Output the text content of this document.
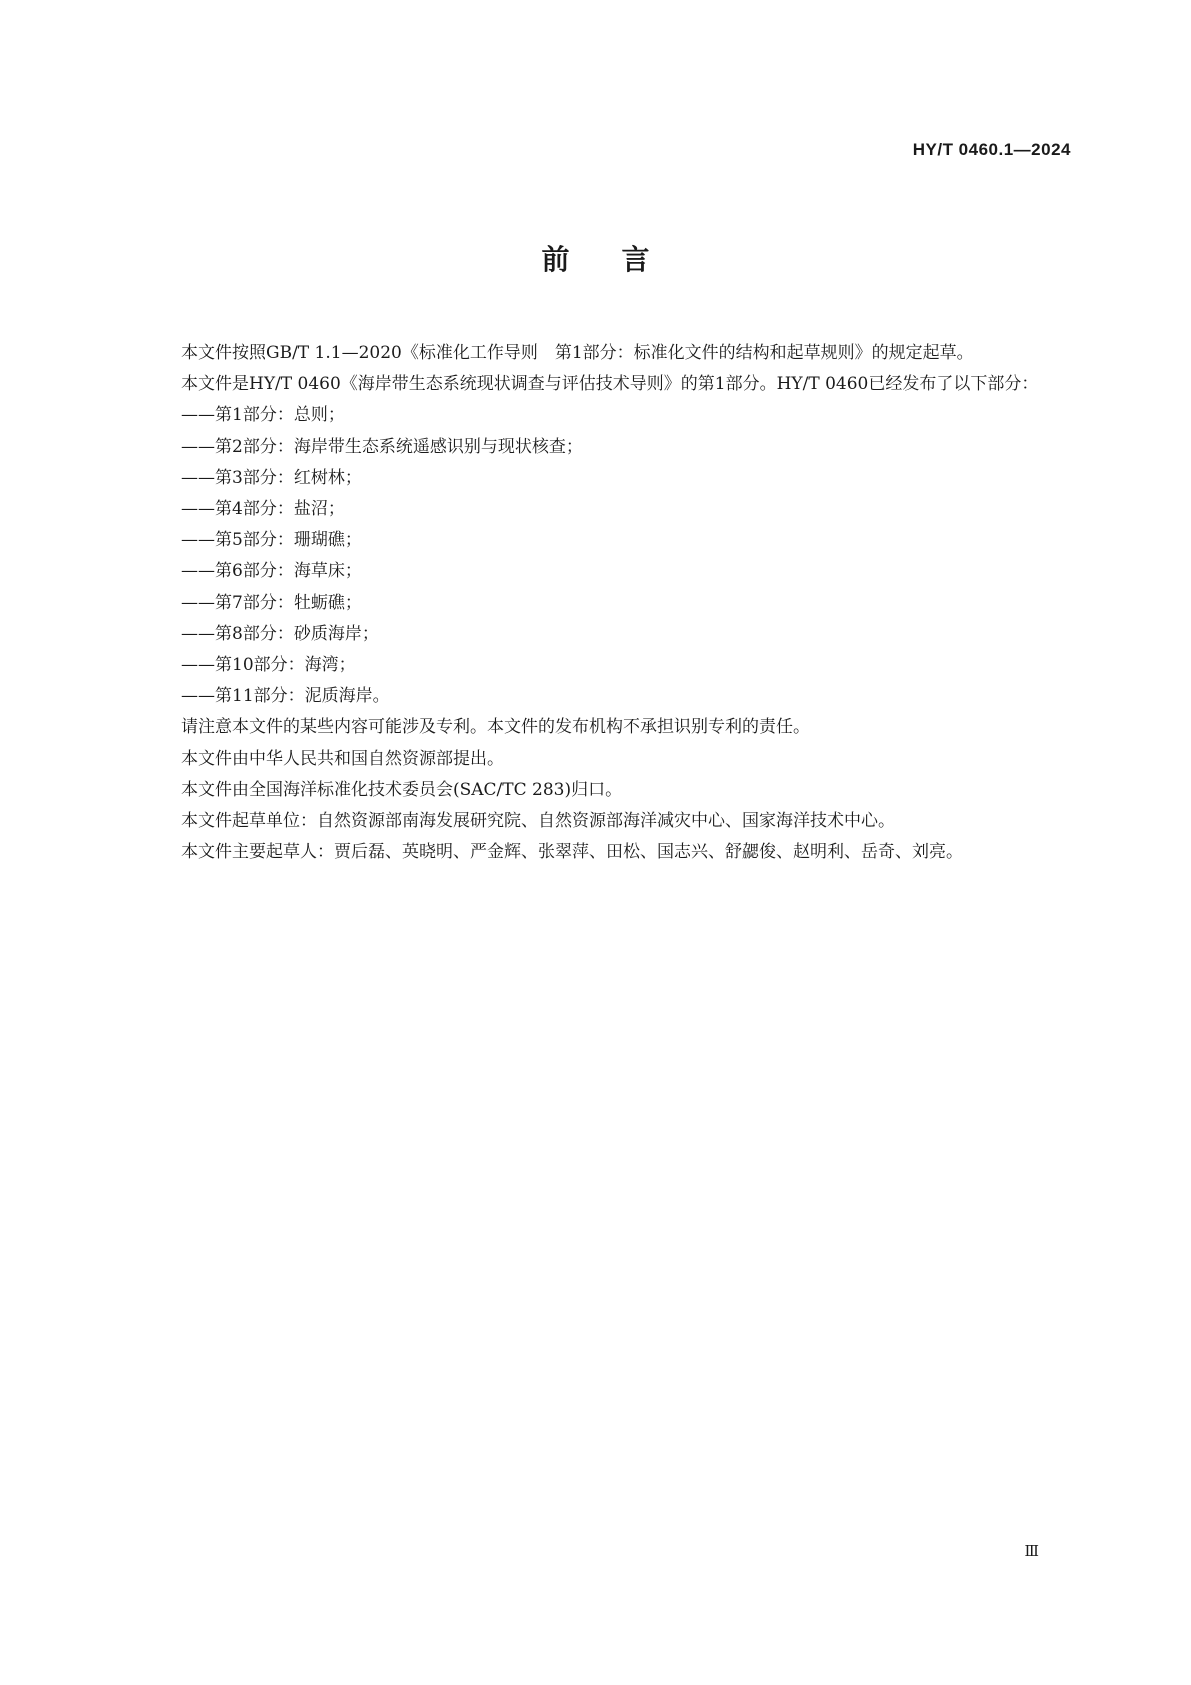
HY/T 0460.1—2024
前言

本文件按照GB/T 1.1—2020《标准化工作导则　第1部分：标准化文件的结构和起草规则》的规定起草。

本文件是HY/T 0460《海岸带生态系统现状调查与评估技术导则》的第1部分。HY/T 0460已经发布了以下部分：

——第1部分：总则；
——第2部分：海岸带生态系统遥感识别与现状核查；
——第3部分：红树林；
——第4部分：盐沼；
——第5部分：珊瑚礁；
——第6部分：海草床；
——第7部分：牡蛎礁；
——第8部分：砂质海岸；
——第10部分：海湾；
——第11部分：泥质海岸。

请注意本文件的某些内容可能涉及专利。本文件的发布机构不承担识别专利的责任。

本文件由中华人民共和国自然资源部提出。

本文件由全国海洋标准化技术委员会(SAC/TC 283)归口。

本文件起草单位：自然资源部南海发展研究院、自然资源部海洋减灾中心、国家海洋技术中心。

本文件主要起草人：贾后磊、英晓明、严金辉、张翠萍、田松、国志兴、舒勰俊、赵明利、岳奇、刘亮。

Ⅲ
